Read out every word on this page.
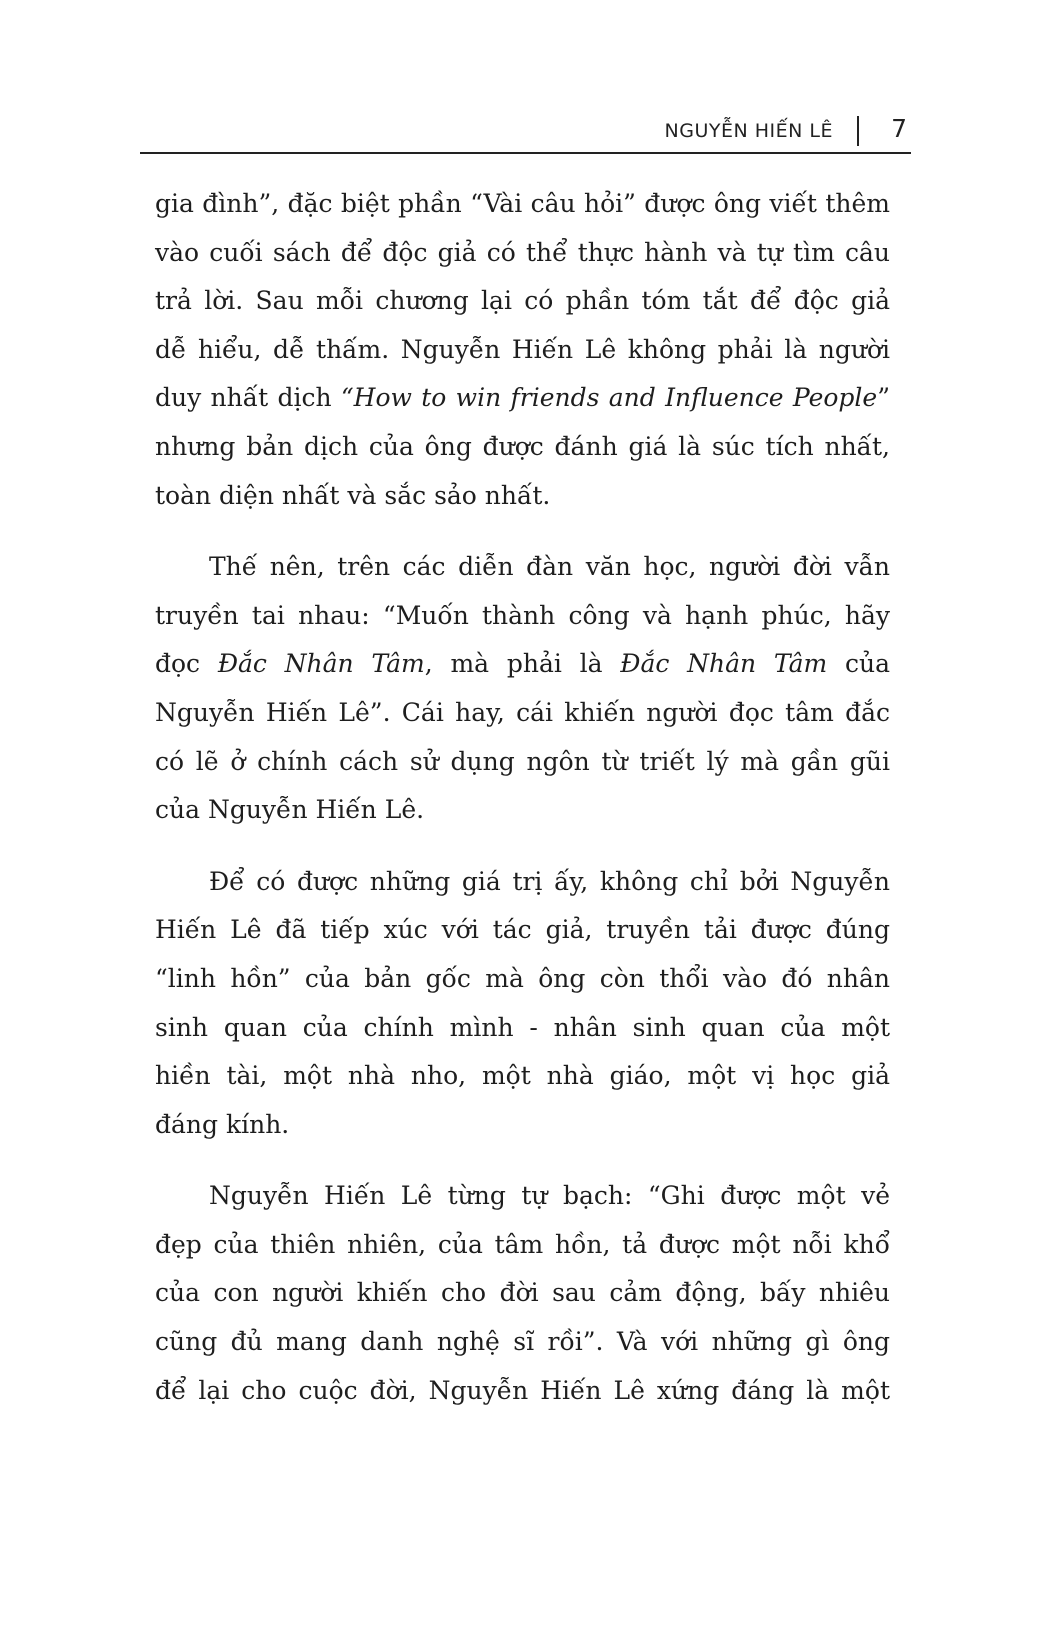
NGUYỄN HIẾN LÊ 7

gia đình”, đặc biệt phần “Vài câu hỏi” được ông viết thêm
vào cuối sách để độc giả có thể thực hành và tự tìm câu
trả lời. Sau mỗi chương lại có phần tóm tắt để độc giả
dễ hiểu, dễ thấm. Nguyễn Hiến Lê không phải là người
duy nhất dịch “How to win friends and Influence People”
nhưng bản dịch của ông được đánh giá là súc tích nhất,
toàn diện nhất và sắc sảo nhất.

Thế nên, trên các diễn đàn văn học, người đời vẫn
truyền tai nhau: “Muốn thành công và hạnh phúc, hãy
đọc Đắc Nhân Tâm, mà phải là Đắc Nhân Tâm của
Nguyễn Hiến Lê”. Cái hay, cái khiến người đọc tâm đắc
có lẽ ở chính cách sử dụng ngôn từ triết lý mà gần gũi
của Nguyễn Hiến Lê.

Để có được những giá trị ấy, không chỉ bởi Nguyễn
Hiến Lê đã tiếp xúc với tác giả, truyền tải được đúng
“linh hồn” của bản gốc mà ông còn thổi vào đó nhân
sinh quan của chính mình - nhân sinh quan của một
hiền tài, một nhà nho, một nhà giáo, một vị học giả
đáng kính.

Nguyễn Hiến Lê từng tự bạch: “Ghi được một vẻ
đẹp của thiên nhiên, của tâm hồn, tả được một nỗi khổ
của con người khiến cho đời sau cảm động, bấy nhiêu
cũng đủ mang danh nghệ sĩ rồi”. Và với những gì ông
để lại cho cuộc đời, Nguyễn Hiến Lê xứng đáng là một
